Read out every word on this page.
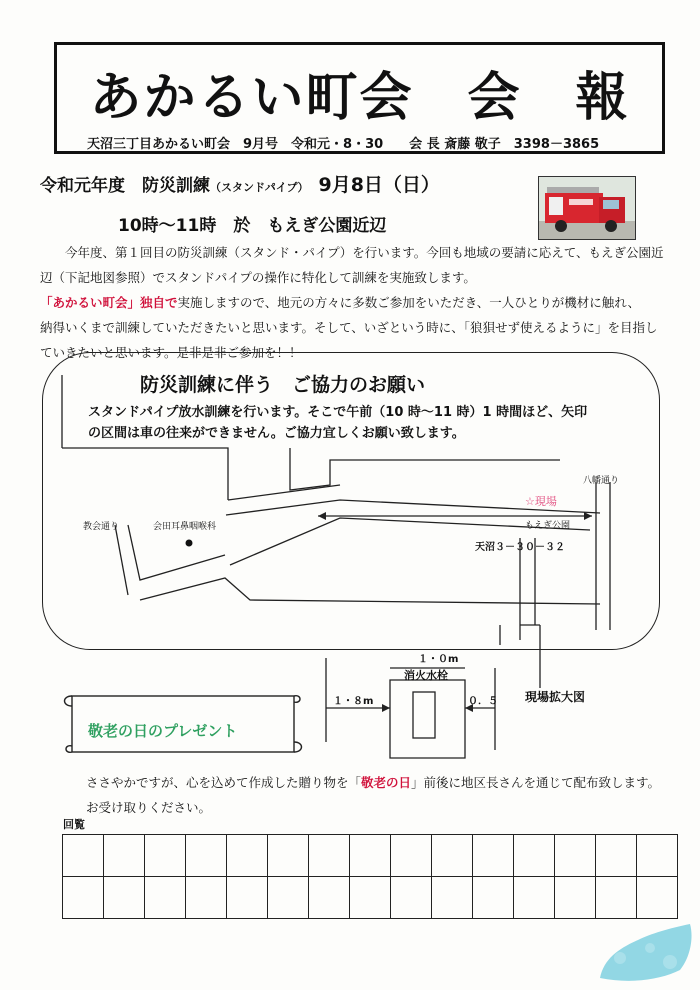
あかるい町会　会　報
天沼三丁目あかるい町会　9月号　令和元・8・30　　会 長 斎藤 敬子　3398－3865
令和元年度　防災訓練（スタンドパイプ） 9月8日（日）
10時～11時　於　もえぎ公園近辺
今年度、第１回目の防災訓練（スタンド・パイプ）を行います。今回も地域の要請に応えて、もえぎ公園近
辺（下記地図参照）でスタンドパイプの操作に特化して訓練を実施致します。
「あかるい町会」独自で実施しますので、地元の方々に多数ご参加をいただき、一人ひとりが機材に触れ、
納得いくまで訓練していただきたいと思います。そして、いざという時に、「狼狽せず使えるように」を目指し
ていきたいと思います。是非是非ご参加を！！
防災訓練に伴う　ご協力のお願い
スタンドパイプ放水訓練を行います。そこで午前（10 時～11 時）1 時間ほど、矢印
の区間は車の往来ができません。ご協力宜しくお願い致します。
八幡通り
☆現場
もえぎ公園
天沼３－３０－３２
教会通り	会田耳鼻咽喉科
１・０m
消火水栓
１・８m	０．５ 現場拡大図
敬老の日のプレゼント
ささやかですが、心を込めて作成した贈り物を「敬老の日」前後に地区長さんを通じて配布致します。
お受け取りください。
回覧
